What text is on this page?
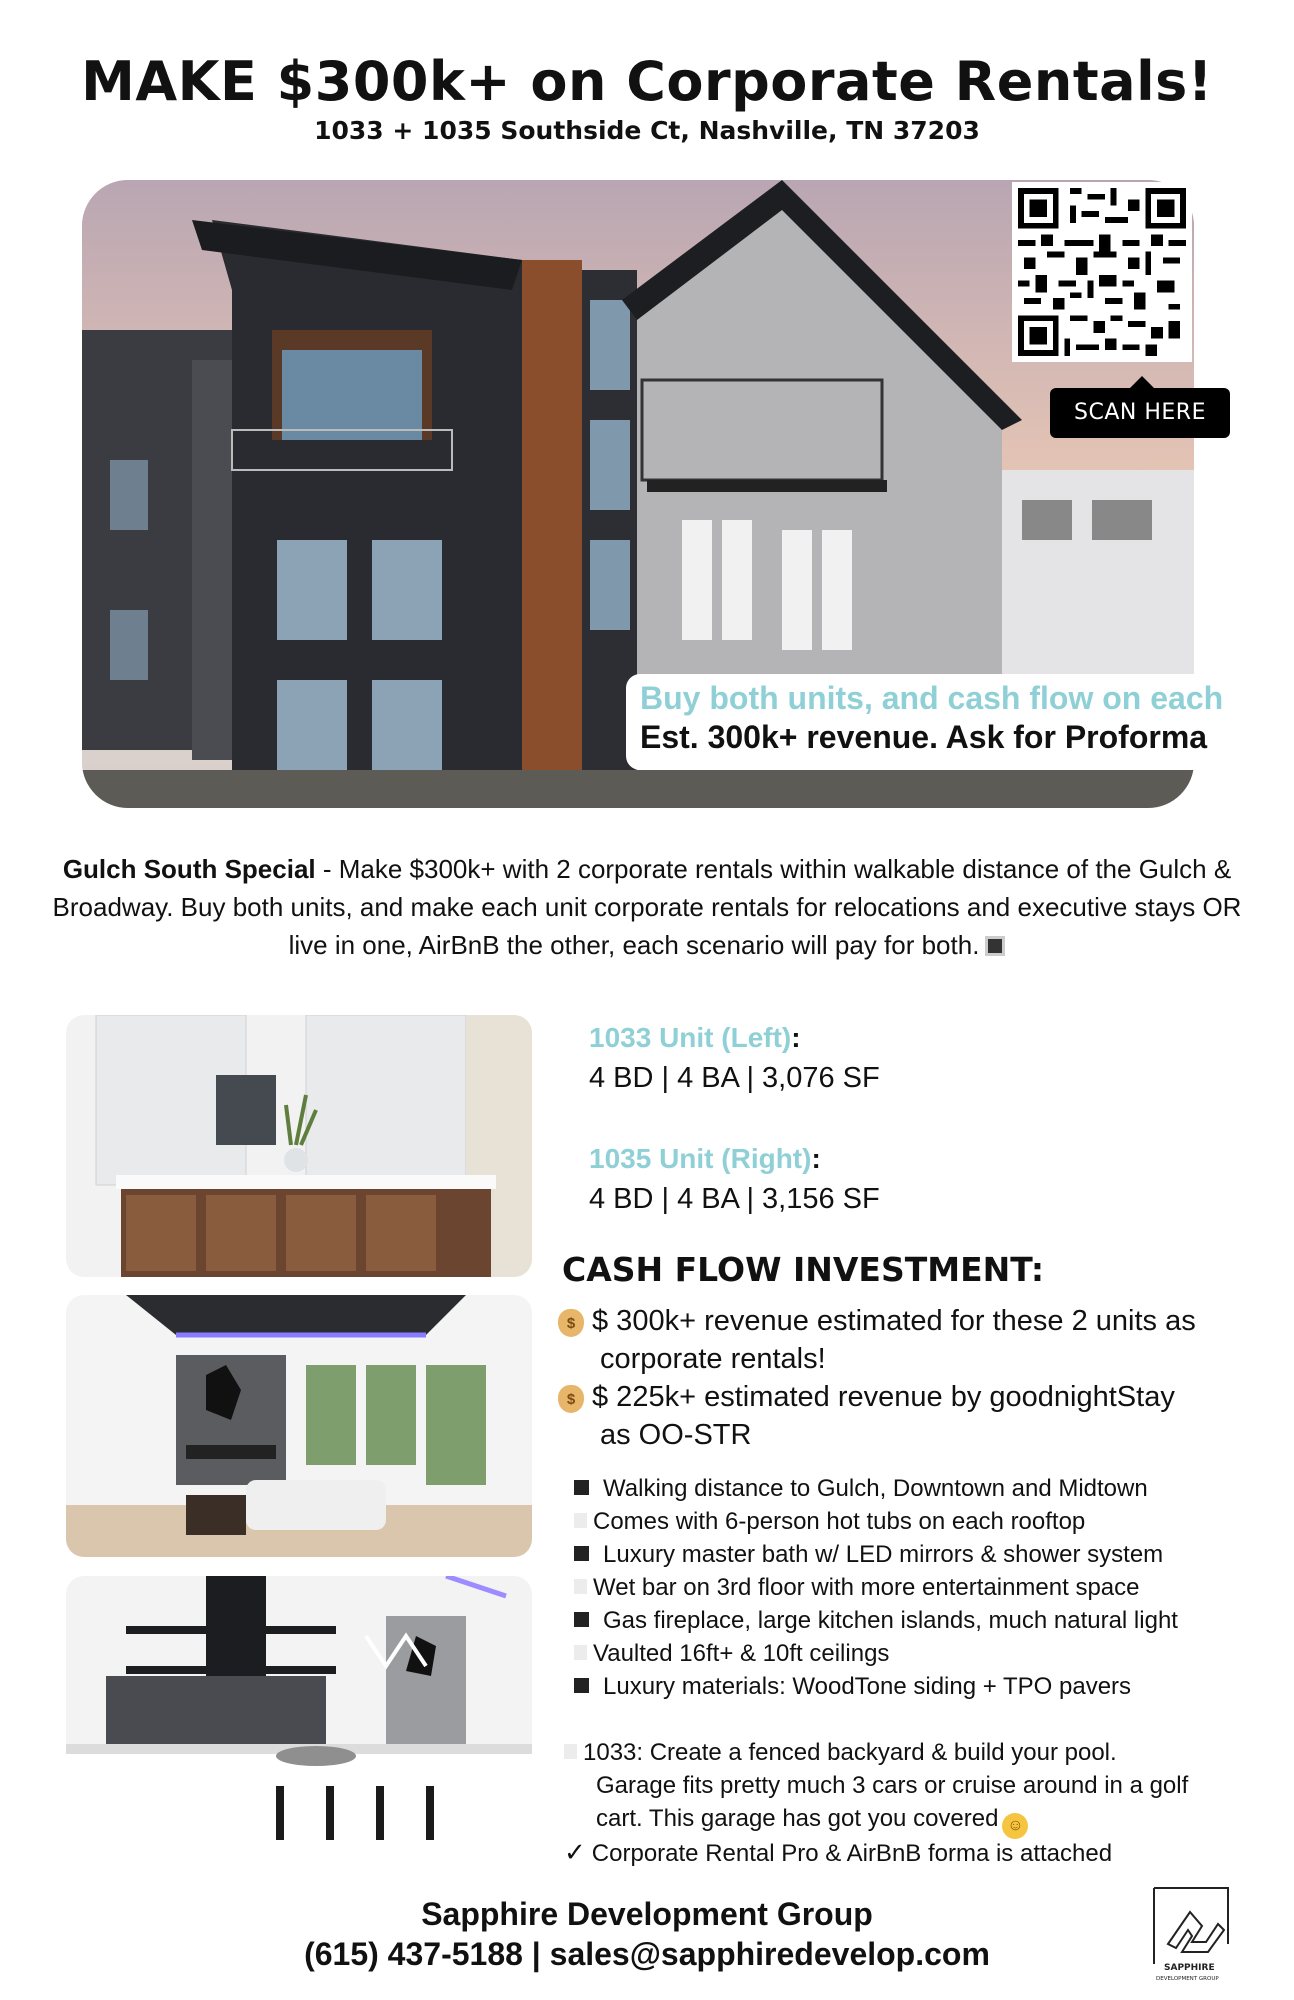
MAKE $300k+ on Corporate Rentals!
1033 + 1035 Southside Ct, Nashville, TN 37203
SCAN HERE
Buy both units, and cash flow on each
Est. 300k+ revenue. Ask for Proforma
Gulch South Special - Make $300k+ with 2 corporate rentals within walkable distance of the Gulch & Broadway. Buy both units, and make each unit corporate rentals for relocations and executive stays OR live in one, AirBnB the other, each scenario will pay for both.
1033 Unit (Left):
4 BD | 4 BA | 3,076 SF
1035 Unit (Right):
4 BD | 4 BA | 3,156 SF
CASH FLOW INVESTMENT:
$ $ 300k+ revenue estimated for these 2 units as
corporate rentals!
$ $ 225k+ estimated revenue by goodnightStay
as OO-STR
Walking distance to Gulch, Downtown and Midtown
Comes with 6-person hot tubs on each rooftop
Luxury master bath w/ LED mirrors & shower system
Wet bar on 3rd floor with more entertainment space
Gas fireplace, large kitchen islands, much natural light
Vaulted 16ft+ & 10ft ceilings
Luxury materials: WoodTone siding + TPO pavers
1033: Create a fenced backyard & build your pool.
Garage fits pretty much 3 cars or cruise around in a golf
cart. This garage has got you covered ☺
✓ Corporate Rental Pro & AirBnB forma is attached
Sapphire Development Group
(615) 437-5188 | sales@sapphiredevelop.com	SAPPHIRE
DEVELOPMENT GROUP
